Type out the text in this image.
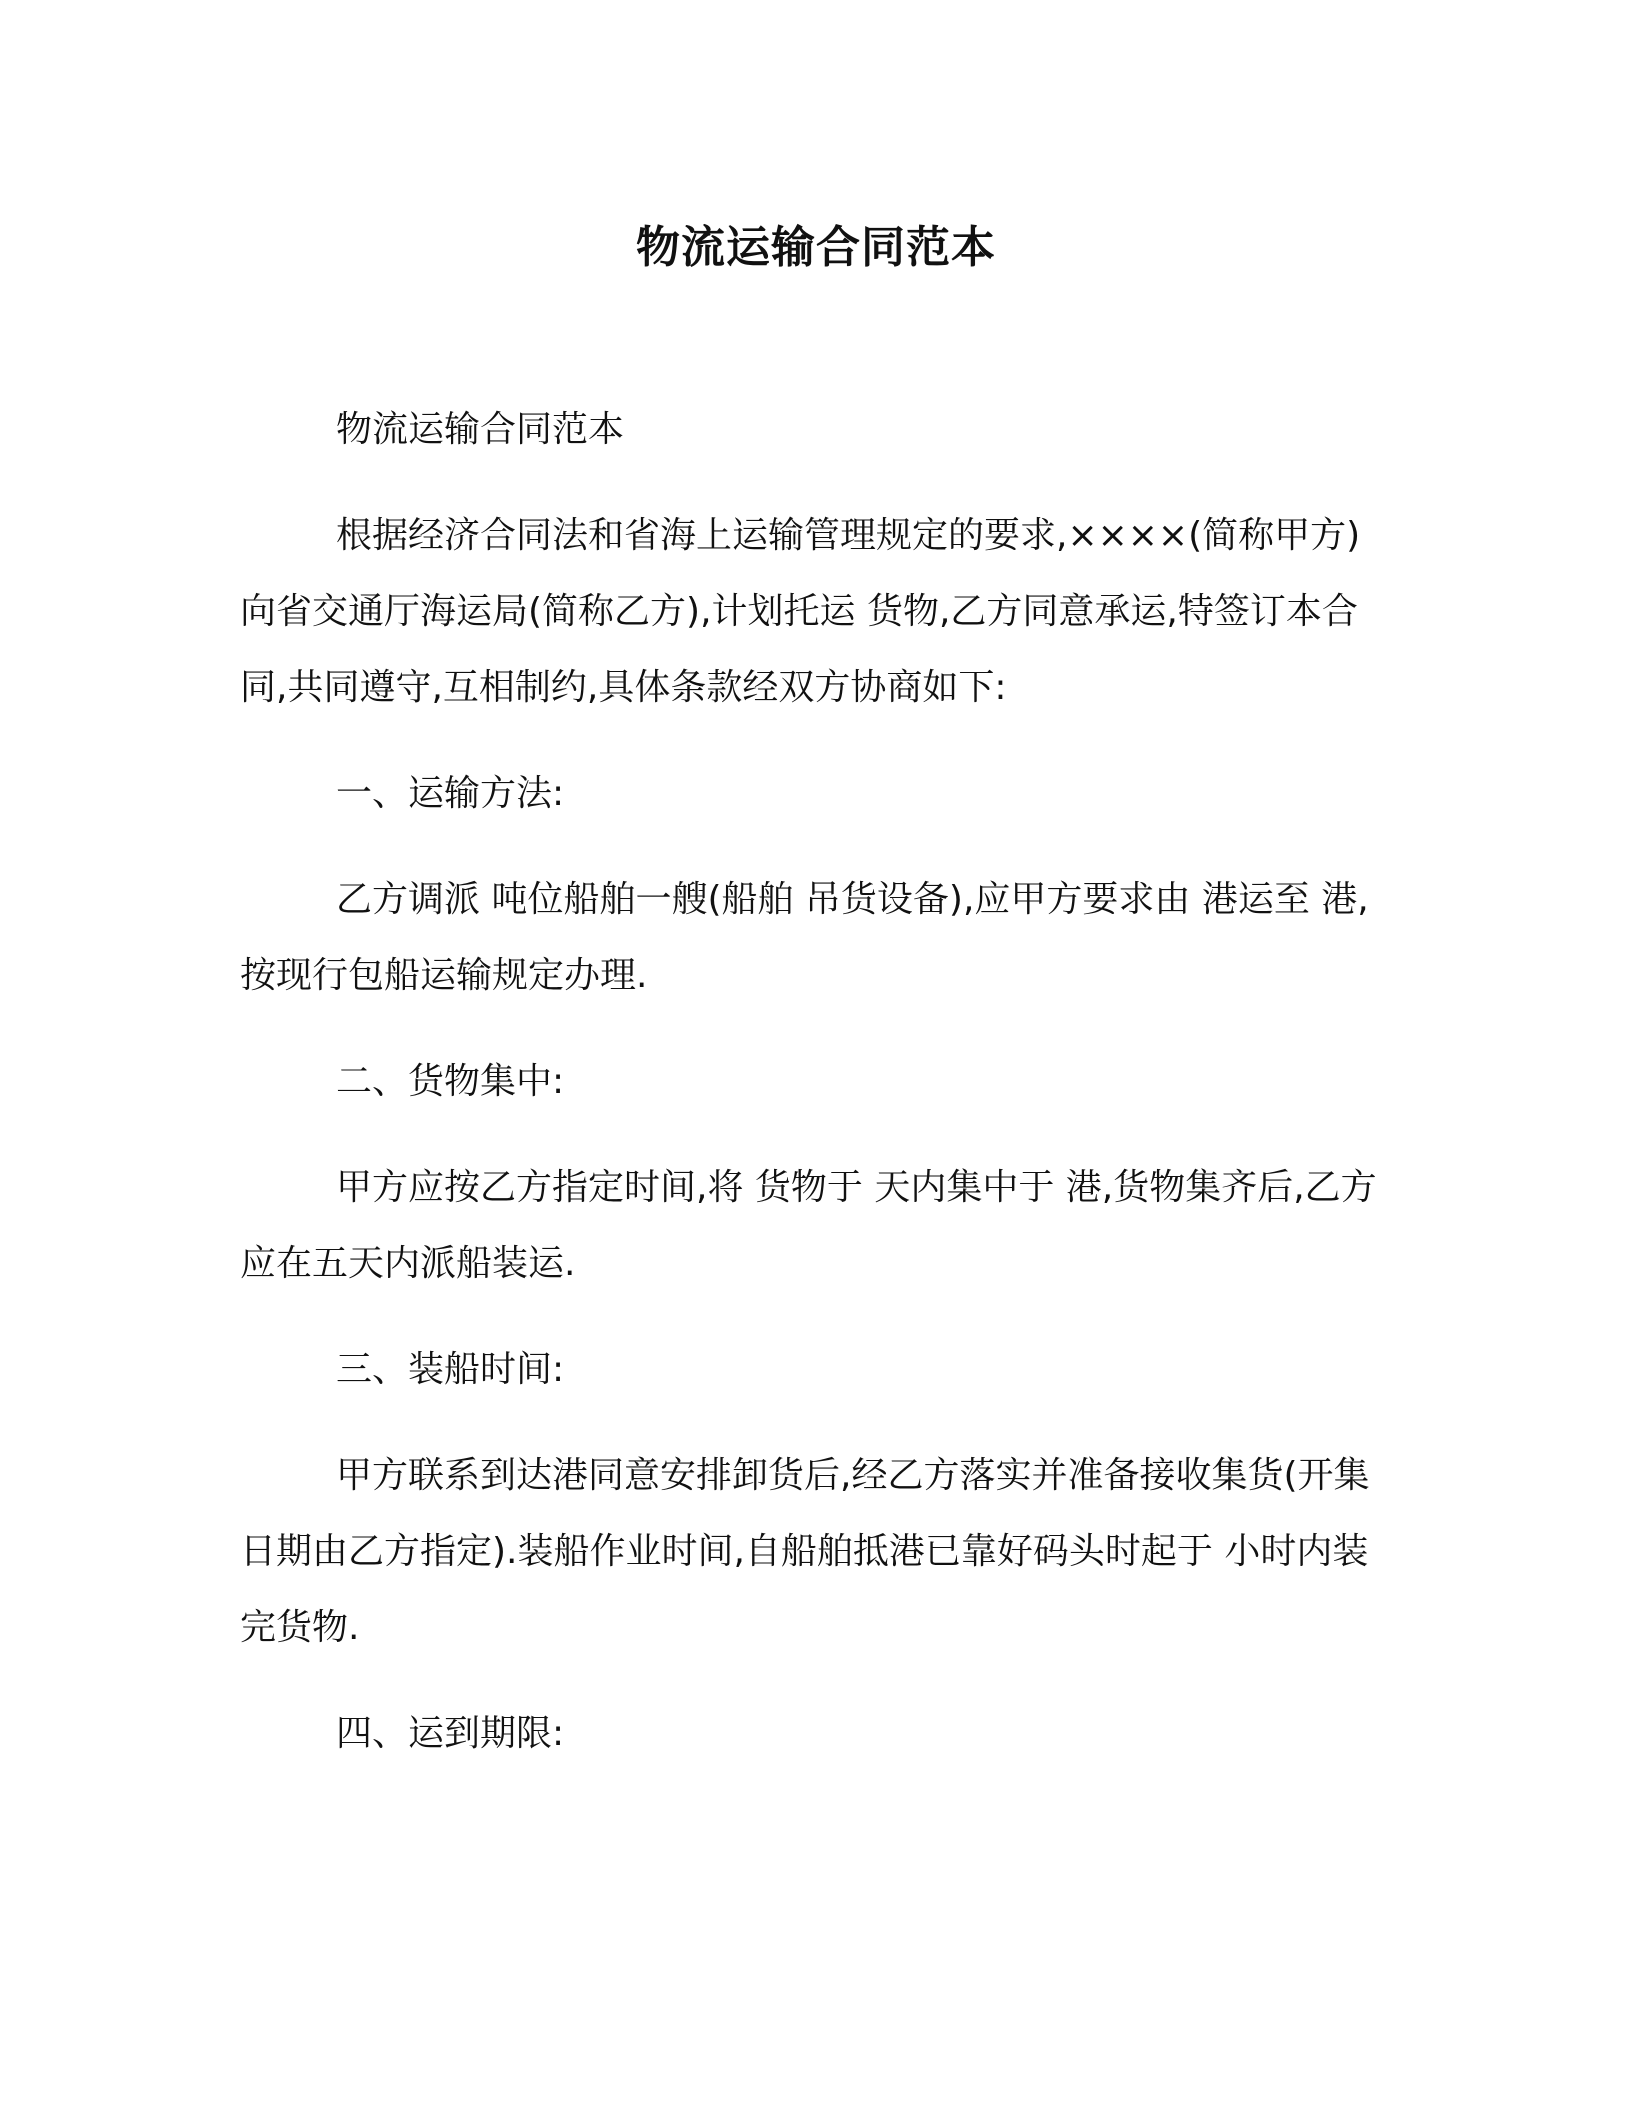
物流运输合同范本

物流运输合同范本

根据经济合同法和省海上运输管理规定的要求,××××(简称甲方)向省交通厅海运局(简称乙方),计划托运 货物,乙方同意承运,特签订本合同,共同遵守,互相制约,具体条款经双方协商如下:

一、运输方法:

乙方调派 吨位船舶一艘(船舶 吊货设备),应甲方要求由 港运至 港,按现行包船运输规定办理.

二、货物集中:

甲方应按乙方指定时间,将 货物于 天内集中于 港,货物集齐后,乙方应在五天内派船装运.

三、装船时间:

甲方联系到达港同意安排卸货后,经乙方落实并准备接收集货(开集日期由乙方指定).装船作业时间,自船舶抵港已靠好码头时起于 小时内装完货物.

四、运到期限:
